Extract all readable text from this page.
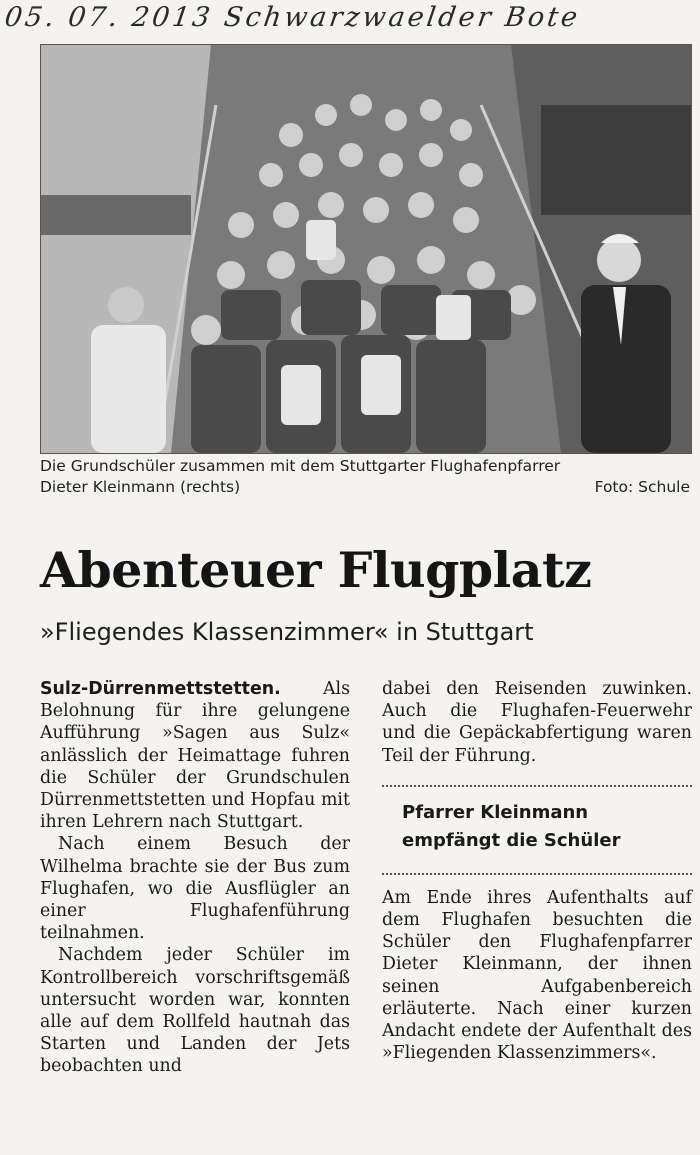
05. 07. 2013 Schwarzwaelder Bote
Die Grundschüler zusammen mit dem Stuttgarter Flughafenpfarrer
Dieter Kleinmann (rechts)	Foto: Schule
Abenteuer Flugplatz
»Fliegendes Klassenzimmer« in Stuttgart

Sulz-Dürrenmettstetten. Als Belohnung für ihre gelungene Aufführung »Sagen aus Sulz« anlässlich der Heimattage fuhren die Schüler der Grundschulen Dürrenmettstetten und Hopfau mit ihren Lehrern nach Stuttgart.

Nach einem Besuch der Wilhelma brachte sie der Bus zum Flughafen, wo die Ausflügler an einer Flughafenführung teilnahmen.

Nachdem jeder Schüler im Kontrollbereich vorschriftsgemäß untersucht worden war, konnten alle auf dem Rollfeld hautnah das Starten und Landen der Jets beobachten und

dabei den Reisenden zuwinken. Auch die Flughafen-Feuerwehr und die Gepäckabfertigung waren Teil der Führung.

Pfarrer Kleinmann empfängt die Schüler

Am Ende ihres Aufenthalts auf dem Flughafen besuchten die Schüler den Flughafenpfarrer Dieter Kleinmann, der ihnen seinen Aufgabenbereich erläuterte. Nach einer kurzen Andacht endete der Aufenthalt des »Fliegenden Klassenzimmers«.
